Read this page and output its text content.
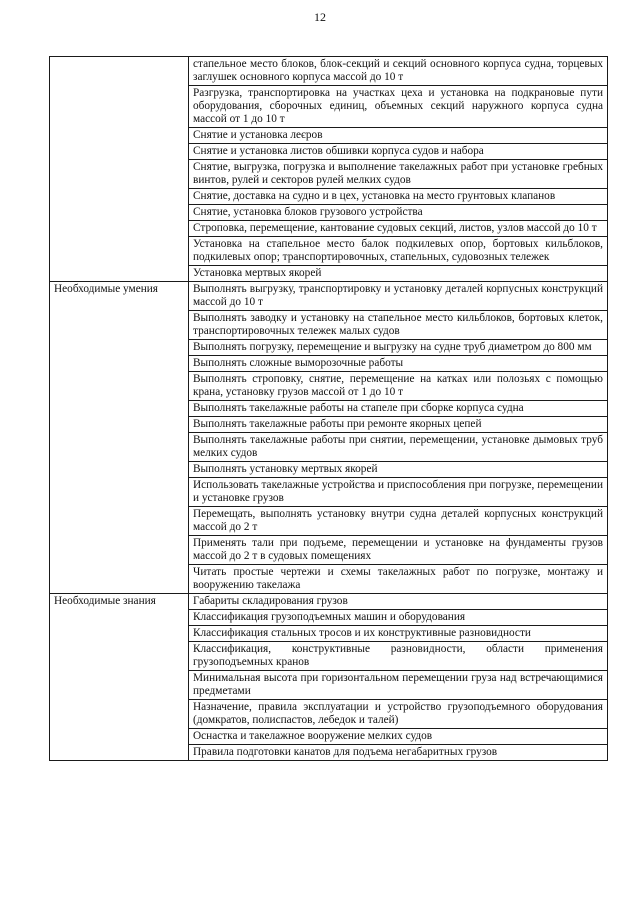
12
	стапельное место блоков, блок-секций и секций основного корпуса судна, торцевых заглушек основного корпуса массой до 10 т
	Разгрузка, транспортировка на участках цеха и установка на подкрановые пути оборудования, сборочных единиц, объемных секций наружного корпуса судна массой от 1 до 10 т
	Снятие и установка леєров
	Снятие и установка листов обшивки корпуса судов и набора
	Снятие, выгрузка, погрузка и выполнение такелажных работ при установке гребных винтов, рулей и секторов рулей мелких судов
	Снятие, доставка на судно и в цех, установка на место грунтовых клапанов
	Снятие, установка блоков грузового устройства
	Строповка, перемещение, кантование судовых секций, листов, узлов массой до 10 т
	Установка на стапельное место балок подкилевых опор, бортовых кильблоков, подкилевых опор; транспортировочных, стапельных, судовозных тележек
	Установка мертвых якорей
Необходимые умения	Выполнять выгрузку, транспортировку и установку деталей корпусных конструкций массой до 10 т
	Выполнять заводку и установку на стапельное место кильблоков, бортовых клеток, транспортировочных тележек малых судов
	Выполнять погрузку, перемещение и выгрузку на судне труб диаметром до 800 мм
	Выполнять сложные выморозочные работы
	Выполнять строповку, снятие, перемещение на катках или полозьях с помощью крана, установку грузов массой от 1 до 10 т
	Выполнять такелажные работы на стапеле при сборке корпуса судна
	Выполнять такелажные работы при ремонте якорных цепей
	Выполнять такелажные работы при снятии, перемещении, установке дымовых труб мелких судов
	Выполнять установку мертвых якорей
	Использовать такелажные устройства и приспособления при погрузке, перемещении и установке грузов
	Перемещать, выполнять установку внутри судна деталей корпусных конструкций массой до 2 т
	Применять тали при подъеме, перемещении и установке на фундаменты грузов массой до 2 т в судовых помещениях
	Читать простые чертежи и схемы такелажных работ по погрузке, монтажу и вооружению такелажа
Необходимые знания	Габариты складирования грузов
	Классификация грузоподъемных машин и оборудования
	Классификация стальных тросов и их конструктивные разновидности
	Классификация, конструктивные разновидности, области применения грузоподъемных кранов
	Минимальная высота при горизонтальном перемещении груза над встречающимися предметами
	Назначение, правила эксплуатации и устройство грузоподъемного оборудования (домкратов, полиспастов, лебедок и талей)
	Оснастка и такелажное вооружение мелких судов
	Правила подготовки канатов для подъема негабаритных грузов
